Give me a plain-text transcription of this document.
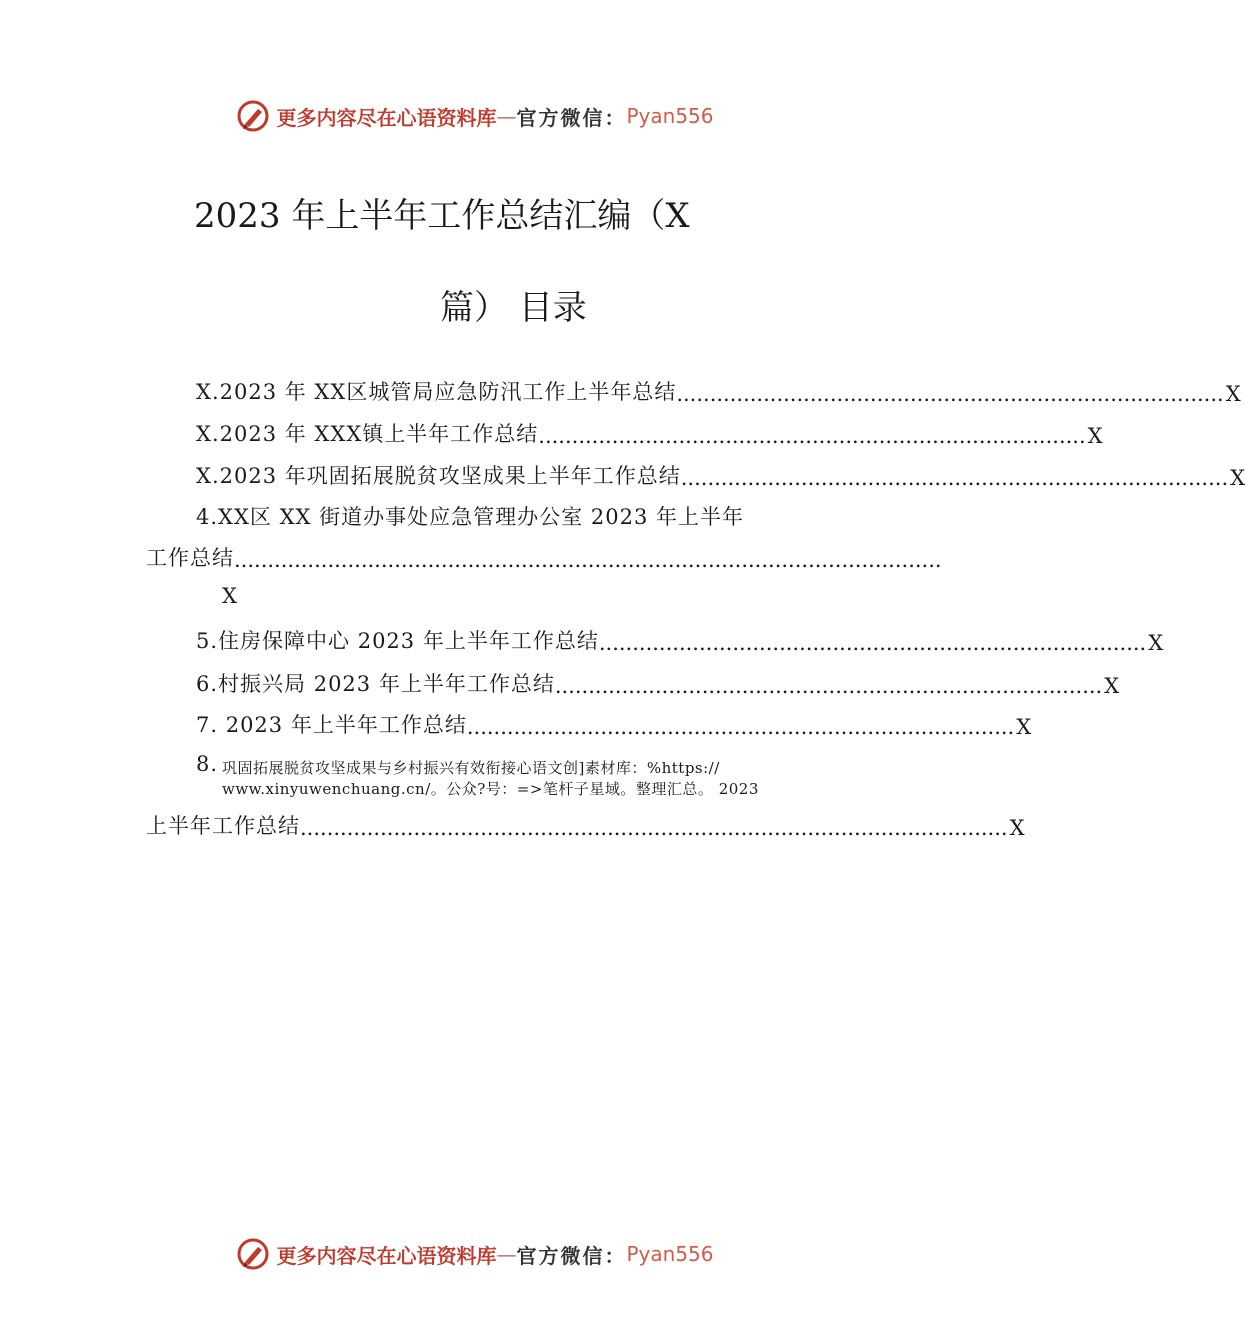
更多内容尽在心语资料库 — 官方微信： Pyan556
2023 年上半年工作总结汇编（X
篇） 目录
X.2023 年 XX区城管局应急防汛工作上半年总结 .................................................................................. X
X.2023 年 XXX镇上半年工作总结 .................................................................................. X
X.2023 年巩固拓展脱贫攻坚成果上半年工作总结 .................................................................................. X
4.XX区 XX 街道办事处应急管理办公室 2023 年上半年
工作总结 ..........................................................................................................
X
5.住房保障中心 2023 年上半年工作总结 .................................................................................. X
6.村振兴局 2023 年上半年工作总结 .................................................................................. X
7. 2023 年上半年工作总结 .................................................................................. X
8. 巩固拓展脱贫攻坚成果与乡村振兴有效衔接心语文创]素材库：%https://
www.xinyuwenchuang.cn/。公众?号：=>笔杆子星域。整理汇总。 2023
上半年工作总结 .......................................................................................................... X
更多内容尽在心语资料库 — 官方微信： Pyan556
